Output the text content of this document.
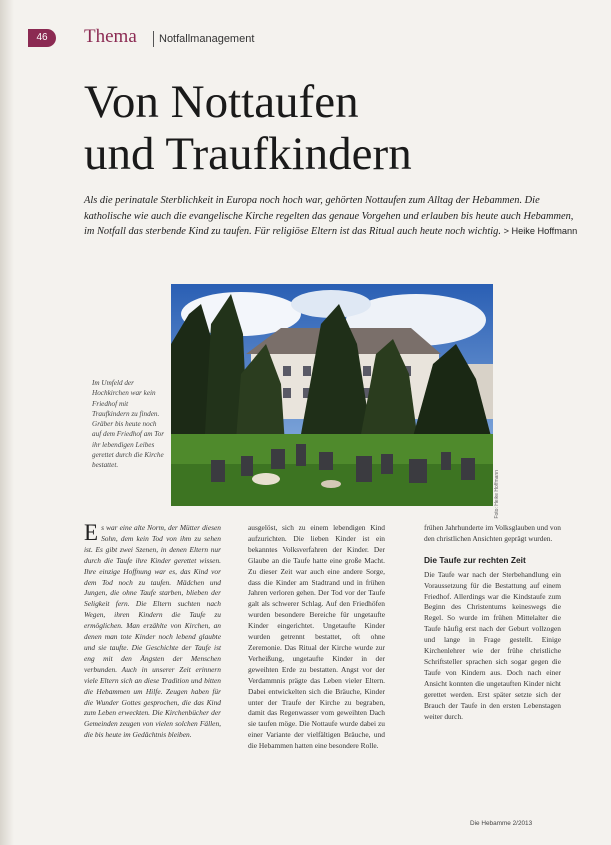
46	Thema Notfallmanagement
Von Nottaufen
und Traufkindern

Als die perinatale Sterblichkeit in Europa noch hoch war, gehörten Nottaufen zum Alltag der Hebammen. Die katholische wie auch die evangelische Kirche regelten das genaue Vorgehen und erlauben bis heute auch Hebammen, im Notfall das sterbende Kind zu taufen. Für religiöse Eltern ist das Ritual auch heute noch wichtig. > Heike Hoffmann

Foto: Heike Hoffmann

Im Umfeld der Hochkirchen war kein Friedhof mit Traufkindern zu finden. Gräber bis heute noch auf dem Friedhof am Tor ihr lebendigen Leibes gerettet durch die Kirche bestattet.

Es war eine alte Norm, der Mütter diesen Sohn, dem kein Tod von ihm zu sehen ist. Es gibt zwei Szenen, in denen Eltern nur durch die Taufe ihre Kinder gerettet wissen. Ihre einzige Hoffnung war es, das Kind vor dem Tod noch zu taufen. Mädchen und Jungen, die ohne Taufe starben, blieben der Seligkeit fern. Die Eltern suchten nach Wegen, ihren Kindern die Taufe zu ermöglichen. Man erzählte von Kirchen, an denen man tote Kinder noch lebend glaubte und sie taufte. Die Geschichte der Taufe ist eng mit den Ängsten der Menschen verbunden. Auch in unserer Zeit erinnern viele Eltern sich an diese Tradition und bitten die Hebammen um Hilfe. Zeugen haben für die Wunder Gottes gesprochen, die das Kind zum Leben erweckten. Die Kirchenbücher der Gemeinden zeugen von vielen solchen Fällen, die bis heute im Gedächtnis bleiben.

ausgelöst, sich zu einem lebendigen Kind aufzurichten. Die lieben Kinder ist ein bekanntes Volksverfahren der Kinder. Der Glaube an die Taufe hatte eine große Macht. Zu dieser Zeit war auch eine andere Sorge, dass die Kinder am Stadtrand und in frühen Jahren verloren gehen. Der Tod vor der Taufe galt als schwerer Schlag. Auf den Friedhöfen wurden besondere Bereiche für ungetaufte Kinder eingerichtet. Ungetaufte Kinder wurden getrennt bestattet, oft ohne Zeremonie. Das Ritual der Kirche wurde zur Verheißung, ungetaufte Kinder in der geweihten Erde zu bestatten. Angst vor der Verdammnis prägte das Leben vieler Eltern. Dabei entwickelten sich die Bräuche, Kinder unter der Traufe der Kirche zu begraben, damit das Regenwasser vom geweihten Dach sie taufen möge. Die Nottaufe wurde dabei zu einer Variante der vielfältigen Bräuche, und die Hebammen hatten eine besondere Rolle.

frühen Jahrhunderte im Volksglauben und von den christlichen Ansichten geprägt wurden.
Die Taufe zur rechten Zeit
Die Taufe war nach der Sterbehandlung ein Voraussetzung für die Bestattung auf einem Friedhof. Allerdings war die Kindstaufe zum Beginn des Christentums keineswegs die Regel. So wurde im frühen Mittelalter die Taufe häufig erst nach der Geburt vollzogen und lange in Frage gestellt. Einige Kirchenlehrer wie der frühe christliche Schriftsteller sprachen sich sogar gegen die Taufe von Kindern aus. Doch nach einer Ansicht konnten die ungetauften Kinder nicht gerettet werden. Erst später setzte sich der Brauch der Taufe in den ersten Lebenstagen weiter durch.
Die Hebamme 2/2013
